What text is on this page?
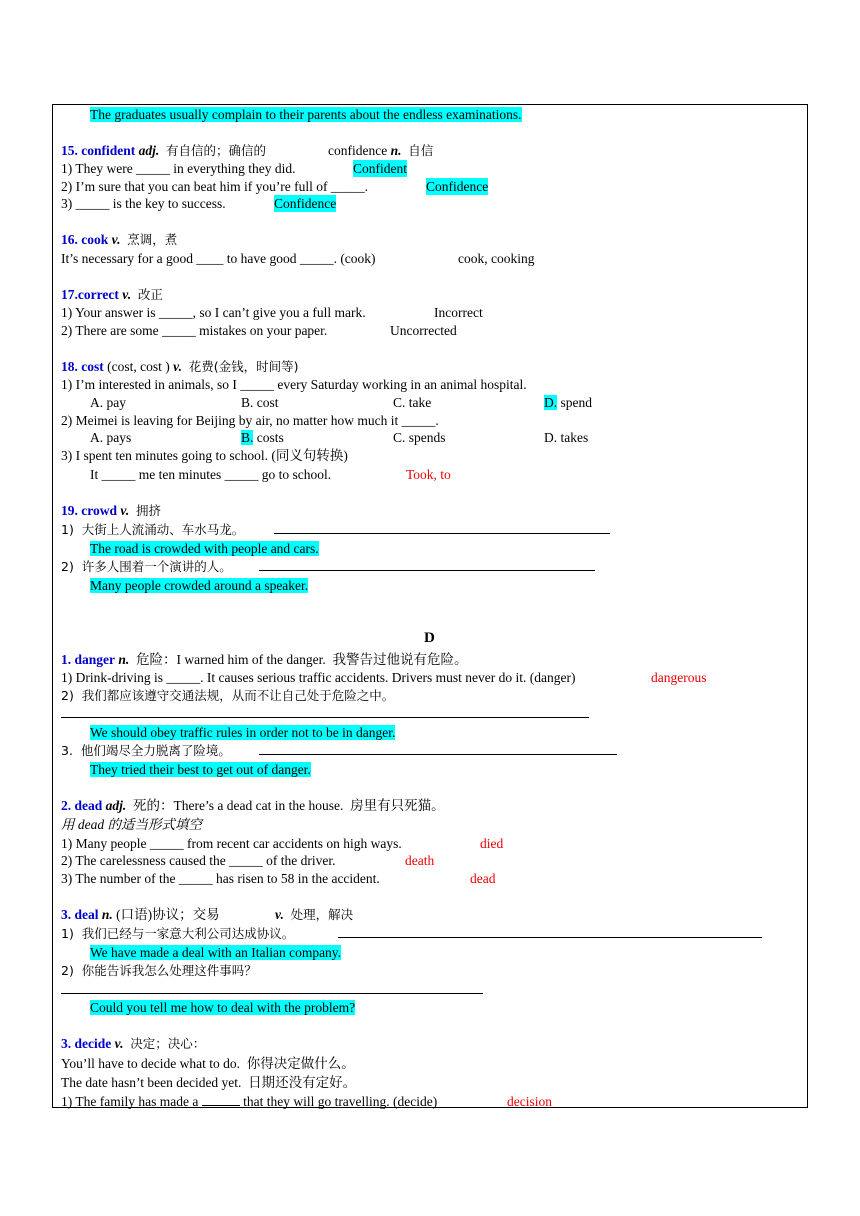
The graduates usually complain to their parents about the endless examinations.
15. confident adj. 有自信的；确信的	confidence n. 自信
1) They were _____ in everything they did.	Confident
2) I’m sure that you can beat him if you’re full of _____.	Confidence
3) _____ is the key to success.	Confidence
16. cook v. 烹调，煮
It’s necessary for a good ____ to have good _____. (cook)	cook, cooking
17.correct v. 改正
1) Your answer is _____, so I can’t give you a full mark.	Incorrect
2) There are some _____ mistakes on your paper.	Uncorrected
18. cost (cost, cost ) v. 花费(金钱，时间等)
1) I’m interested in animals, so I _____ every Saturday working in an animal hospital.
A. pay	B. cost	C. take	D. spend
2) Meimei is leaving for Beijing by air, no matter how much it _____.
A. pays	B. costs	C. spends	D. takes
3) I spent ten minutes going to school. (同义句转换)
It _____ me ten minutes _____ go to school.	Took, to
19. crowd v. 拥挤
1)  大街上人流涌动、车水马龙。
The road is crowded with people and cars.
2)  许多人围着一个演讲的人。
Many people crowded around a speaker.
D
1. danger n. 危险：I warned him of the danger.  我警告过他说有危险。
1) Drink-driving is _____. It causes serious traffic accidents. Drivers must never do it. (danger)	dangerous
2)  我们都应该遵守交通法规，从而不让自己处于危险之中。
We should obey traffic rules in order not to be in danger.
3.  他们竭尽全力脱离了险境。
They tried their best to get out of danger.
2. dead adj. 死的：There’s a dead cat in the house.  房里有只死猫。
用 dead 的适当形式填空
1) Many people _____ from recent car accidents on high ways.	died
2) The carelessness caused the _____ of the driver.	death
3) The number of the _____ has risen to 58 in the accident.	dead
3. deal n. (口语)协议；交易	v. 处理，解决
1)  我们已经与一家意大利公司达成协议。
We have made a deal with an Italian company.
2)  你能告诉我怎么处理这件事吗？
Could you tell me how to deal with the problem?
3. decide v. 决定；决心：
You’ll have to decide what to do.  你得决定做什么。
The date hasn’t been decided yet.  日期还没有定好。
1) The family has made a	that they will go travelling. (decide)	decision
